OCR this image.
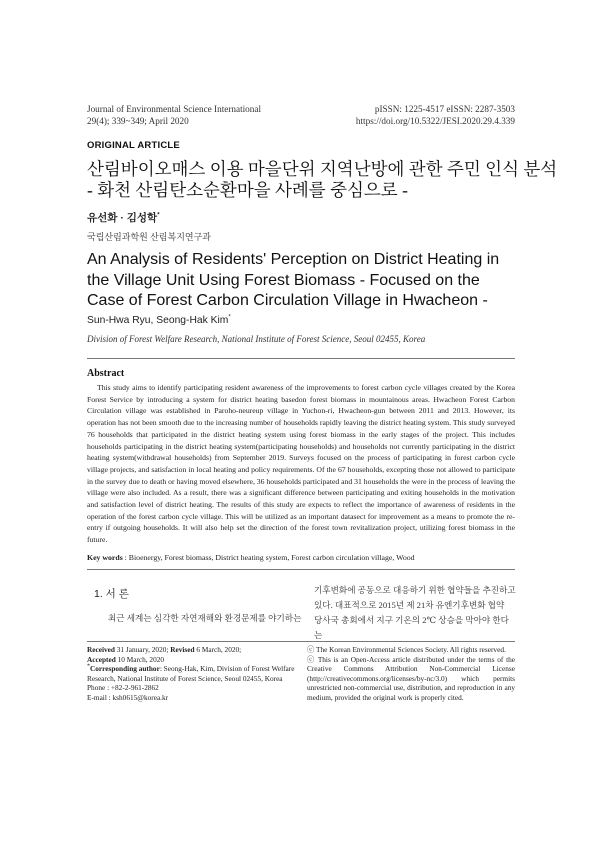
Journal of Environmental Science International
29(4); 339~349; April 2020
pISSN: 1225-4517 eISSN: 2287-3503
https://doi.org/10.5322/JESI.2020.29.4.339
ORIGINAL ARTICLE
산림바이오매스 이용 마을단위 지역난방에 관한 주민 인식 분석
- 화천 산림탄소순환마을 사례를 중심으로 -
유선화 · 김성학*
국립산림과학원 산림복지연구과
An Analysis of Residents' Perception on District Heating in the Village Unit Using Forest Biomass - Focused on the Case of Forest Carbon Circulation Village in Hwacheon -
Sun-Hwa Ryu, Seong-Hak Kim*
Division of Forest Welfare Research, National Institute of Forest Science, Seoul 02455, Korea
Abstract
This study aims to identify participating resident awareness of the improvements to forest carbon cycle villages created by the Korea Forest Service by introducing a system for district heating basedon forest biomass in mountainous areas. Hwacheon Forest Carbon Circulation village was established in Paroho-neureup village in Yuchon-ri, Hwacheon-gun between 2011 and 2013. However, its operation has not been smooth due to the increasing number of households rapidly leaving the district heating system. This study surveyed 76 households that participated in the district heating system using forest biomass in the early stages of the project. This includes households participating in the district heating system(participating households) and households not currently participating in the district heating system(withdrawal households) from September 2019. Surveys focused on the process of participating in forest carbon cycle village projects, and satisfaction in local heating and policy requirements. Of the 67 households, excepting those not allowed to participate in the survey due to death or having moved elsewhere, 36 households participated and 31 households the were in the process of leaving the village were also included. As a result, there was a significant difference between participating and exiting households in the motivation and satisfaction level of district heating. The results of this study are expects to reflect the importance of awareness of residents in the operation of the forest carbon cycle village. This will be utilized as an important datasect for improvement as a means to promote the re-entry if outgoing households. It will also help set the direction of the forest town revitalization project, utilizing forest biomass in the future.
Key words : Bioenergy, Forest biomass, District heating system, Forest carbon circulation village, Wood
1. 서 론
최근 세계는 심각한 자연재해와 환경문제를 야기하는
기후변화에 공동으로 대응하기 위한 협약들을 추진하고
있다. 대표적으로 2015년 제 21차 유엔기후변화 협약
당사국 총회에서 지구 기온의 2℃ 상승을 막아야 한다는
Received 31 January, 2020; Revised 6 March, 2020;
Accepted 10 March, 2020
*Corresponding author: Seong-Hak, Kim, Division of Forest Welfare Research, National Institute of Forest Science, Seoul 02455, Korea
Phone : +82-2-961-2862
E-mail : ksh0615@korea.kr
ⓒ The Korean Environmental Sciences Society. All rights reserved.
ⓒ This is an Open-Access article distributed under the terms of the Creative Commons Attribution Non-Commercial License (http://creativecommons.org/licenses/by-nc/3.0) which permits unrestricted non-commercial use, distribution, and reproduction in any medium, provided the original work is properly cited.
